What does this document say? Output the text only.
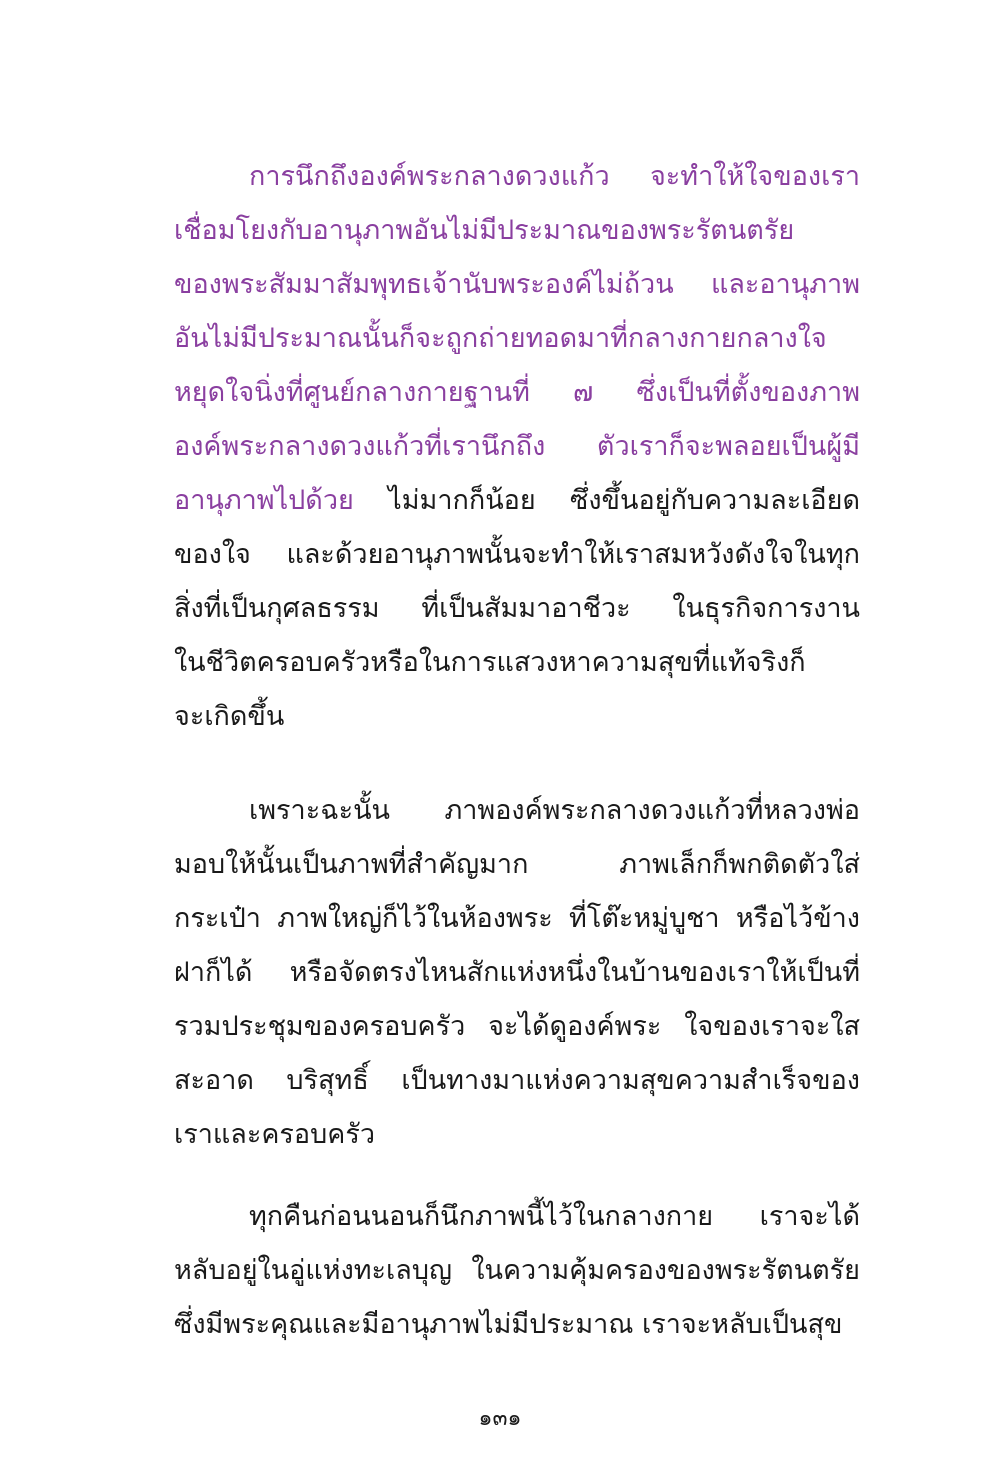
การนึกถึงองค์พระกลางดวงแก้ว จะทำให้ใจของเรา
เชื่อมโยงกับอานุภาพอันไม่มีประมาณของพระรัตนตรัย
ของพระสัมมาสัมพุทธเจ้านับพระองค์ไม่ถ้วน และอานุภาพ
อันไม่มีประมาณนั้นก็จะถูกถ่ายทอดมาที่กลางกายกลางใจ
หยุดใจนิ่งที่ศูนย์กลางกายฐานที่ ๗ ซึ่งเป็นที่ตั้งของภาพ
องค์พระกลางดวงแก้วที่เรานึกถึง ตัวเราก็จะพลอยเป็นผู้มี
อานุภาพไปด้วย ไม่มากก็น้อย ซึ่งขึ้นอยู่กับความละเอียด
ของใจ และด้วยอานุภาพนั้นจะทำให้เราสมหวังดังใจในทุก
สิ่งที่เป็นกุศลธรรม ที่เป็นสัมมาอาชีวะ ในธุรกิจการงาน
ในชีวิตครอบครัวหรือในการแสวงหาความสุขที่แท้จริงก็
จะเกิดขึ้น
เพราะฉะนั้น ภาพองค์พระกลางดวงแก้วที่หลวงพ่อ
มอบให้นั้นเป็นภาพที่สำคัญมาก ภาพเล็กก็พกติดตัวใส่
กระเป๋า ภาพใหญ่ก็ไว้ในห้องพระ ที่โต๊ะหมู่บูชา หรือไว้ข้าง
ฝาก็ได้ หรือจัดตรงไหนสักแห่งหนึ่งในบ้านของเราให้เป็นที่
รวมประชุมของครอบครัว จะได้ดูองค์พระ ใจของเราจะใส
สะอาด บริสุทธิ์ เป็นทางมาแห่งความสุขความสำเร็จของ
เราและครอบครัว
ทุกคืนก่อนนอนก็นึกภาพนี้ไว้ในกลางกาย เราจะได้
หลับอยู่ในอู่แห่งทะเลบุญ ในความคุ้มครองของพระรัตนตรัย
ซึ่งมีพระคุณและมีอานุภาพไม่มีประมาณ เราจะหลับเป็นสุข
๑๓๑
